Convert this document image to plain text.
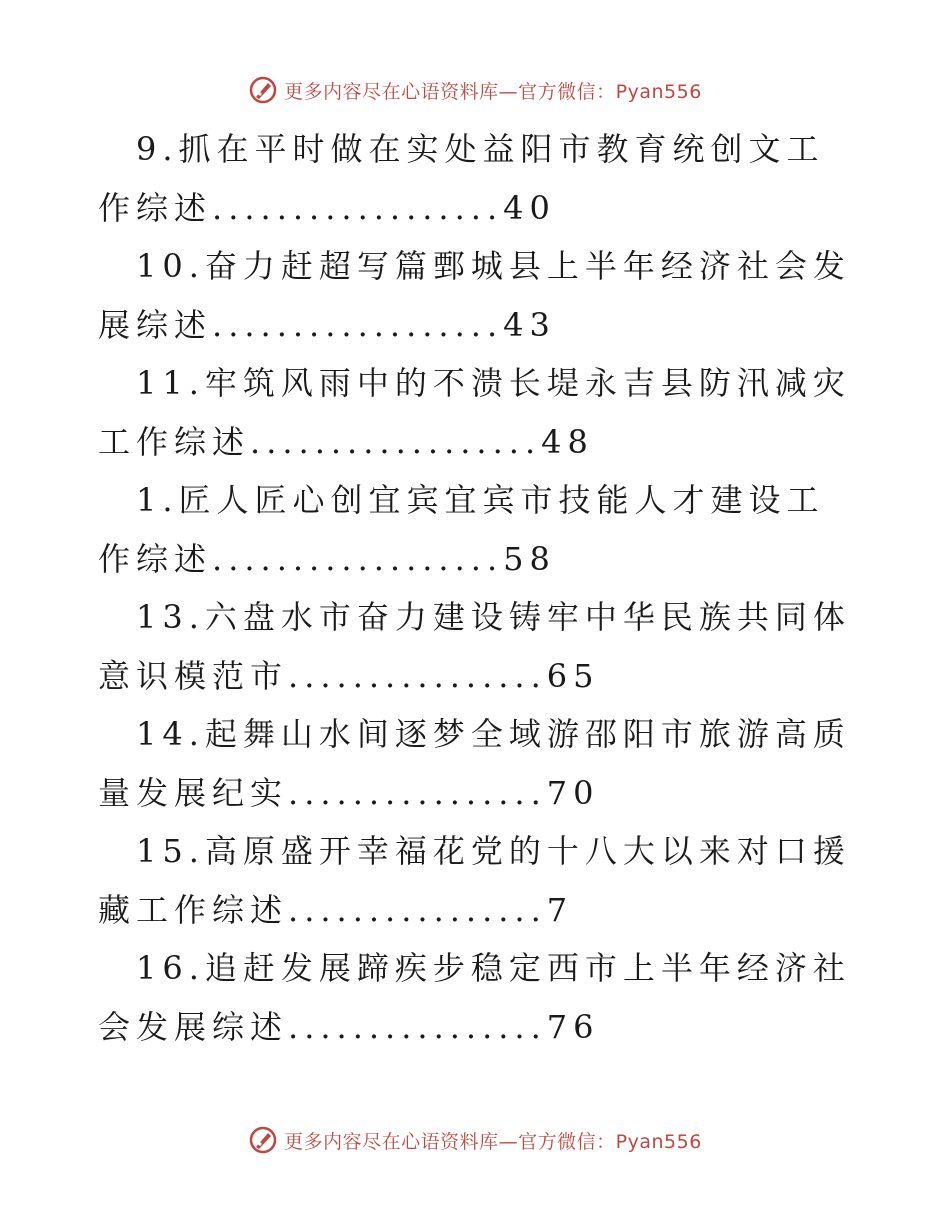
更多内容尽在心语资料库—官方微信：Pyan556
9.抓在平时做在实处益阳市教育统创文工作综述..................40
10.奋力赶超写篇鄄城县上半年经济社会发展综述..................43
11.牢筑风雨中的不溃长堤永吉县防汛减灾工作综述..................48
1.匠人匠心创宜宾宜宾市技能人才建设工作综述..................58
13.六盘水市奋力建设铸牢中华民族共同体意识模范市................65
14.起舞山水间逐梦全域游邵阳市旅游高质量发展纪实................70
15.高原盛开幸福花党的十八大以来对口援藏工作综述................7
16.追赶发展蹄疾步稳定西市上半年经济社会发展综述................76
更多内容尽在心语资料库—官方微信：Pyan556
